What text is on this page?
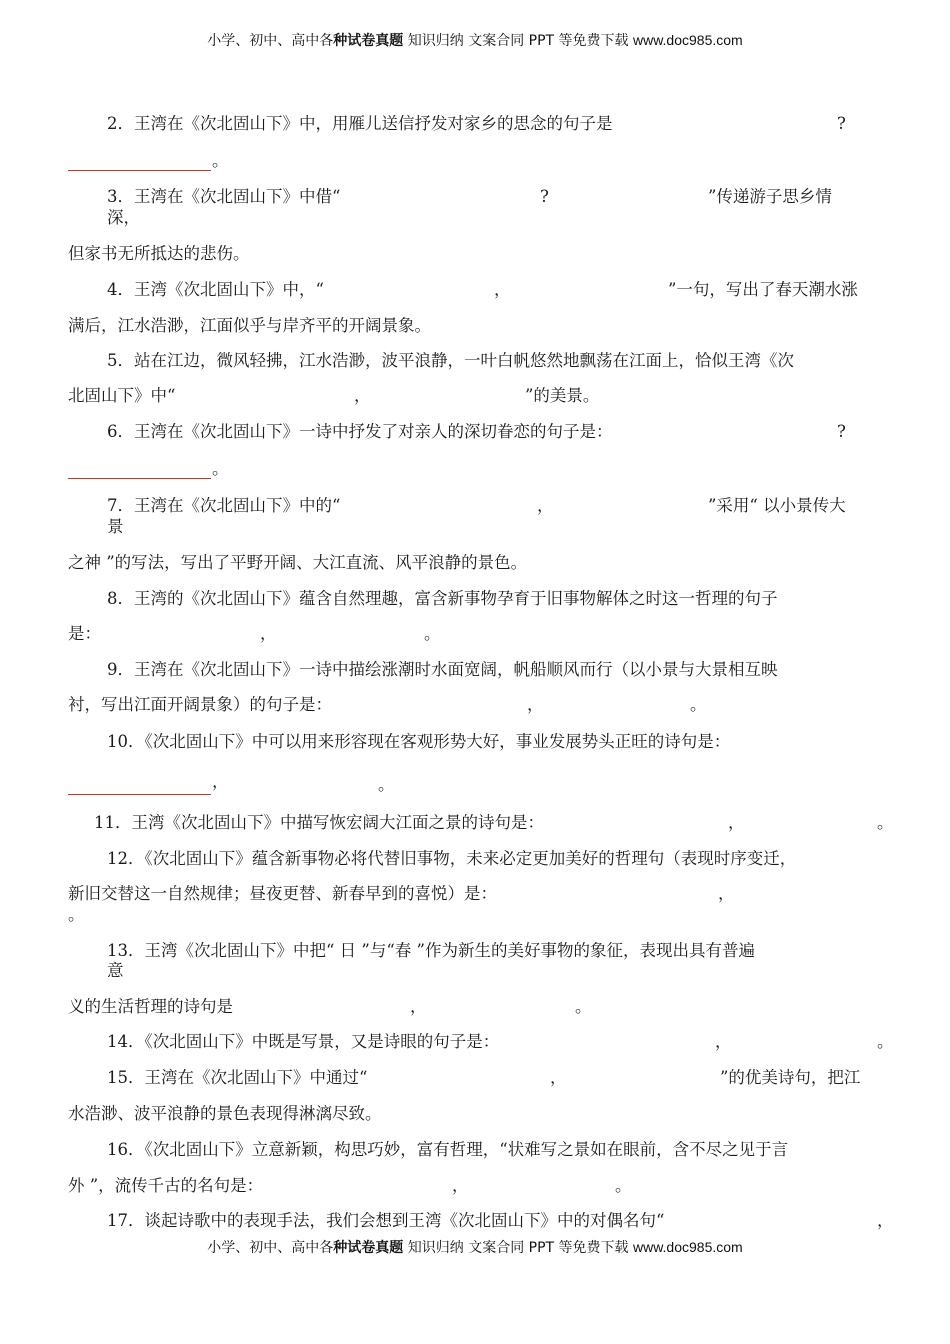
小学、初中、高中各种试卷真题 知识归纳 文案合同 PPT 等免费下载 www.doc985.com
2．王湾在《次北固山下》中，用雁儿送信抒发对家乡的思念的句子是	?
。
3．王湾在《次北固山下》中借“	?	”传递游子思乡情
深，
但家书无所抵达的悲伤。
4．王湾《次北固山下》中，“	，	”一句，写出了春天潮水涨
满后，江水浩渺，江面似乎与岸齐平的开阔景象。
5．站在江边，微风轻拂，江水浩渺，波平浪静，一叶白帆悠然地飘荡在江面上，恰似王湾《次
北固山下》中“	，	”的美景。
6．王湾在《次北固山下》一诗中抒发了对亲人的深切眷恋的句子是：	?
。
7．王湾在《次北固山下》中的“	，	”采用“ 以小景传大
景
之神 ”的写法，写出了平野开阔、大江直流、风平浪静的景色。
8．王湾的《次北固山下》蕴含自然理趣，富含新事物孕育于旧事物解体之时这一哲理的句子
是：	，	。
9．王湾在《次北固山下》一诗中描绘涨潮时水面宽阔，帆船顺风而行（以小景与大景相互映
衬，写出江面开阔景象）的句子是：	，	。
10．《次北固山下》中可以用来形容现在客观形势大好，事业发展势头正旺的诗句是：
，	。
11．王湾《次北固山下》中描写恢宏阔大江面之景的诗句是：	，	。
12．《次北固山下》蕴含新事物必将代替旧事物，未来必定更加美好的哲理句（表现时序变迁，
新旧交替这一自然规律；昼夜更替、新春早到的喜悦）是：	，
。
13．王湾《次北固山下》中把“ 日 ”与“春 ”作为新生的美好事物的象征，表现出具有普遍
意
义的生活哲理的诗句是	，	。
14．《次北固山下》中既是写景，又是诗眼的句子是：	，	。
15．王湾在《次北固山下》中通过“	，	”的优美诗句，把江
水浩渺、波平浪静的景色表现得淋漓尽致。
16．《次北固山下》立意新颖，构思巧妙，富有哲理，“状难写之景如在眼前，含不尽之见于言
外 ”，流传千古的名句是：	，	。
17．谈起诗歌中的表现手法，我们会想到王湾《次北固山下》中的对偶名句“	，
小学、初中、高中各种试卷真题 知识归纳 文案合同 PPT 等免费下载 www.doc985.com
